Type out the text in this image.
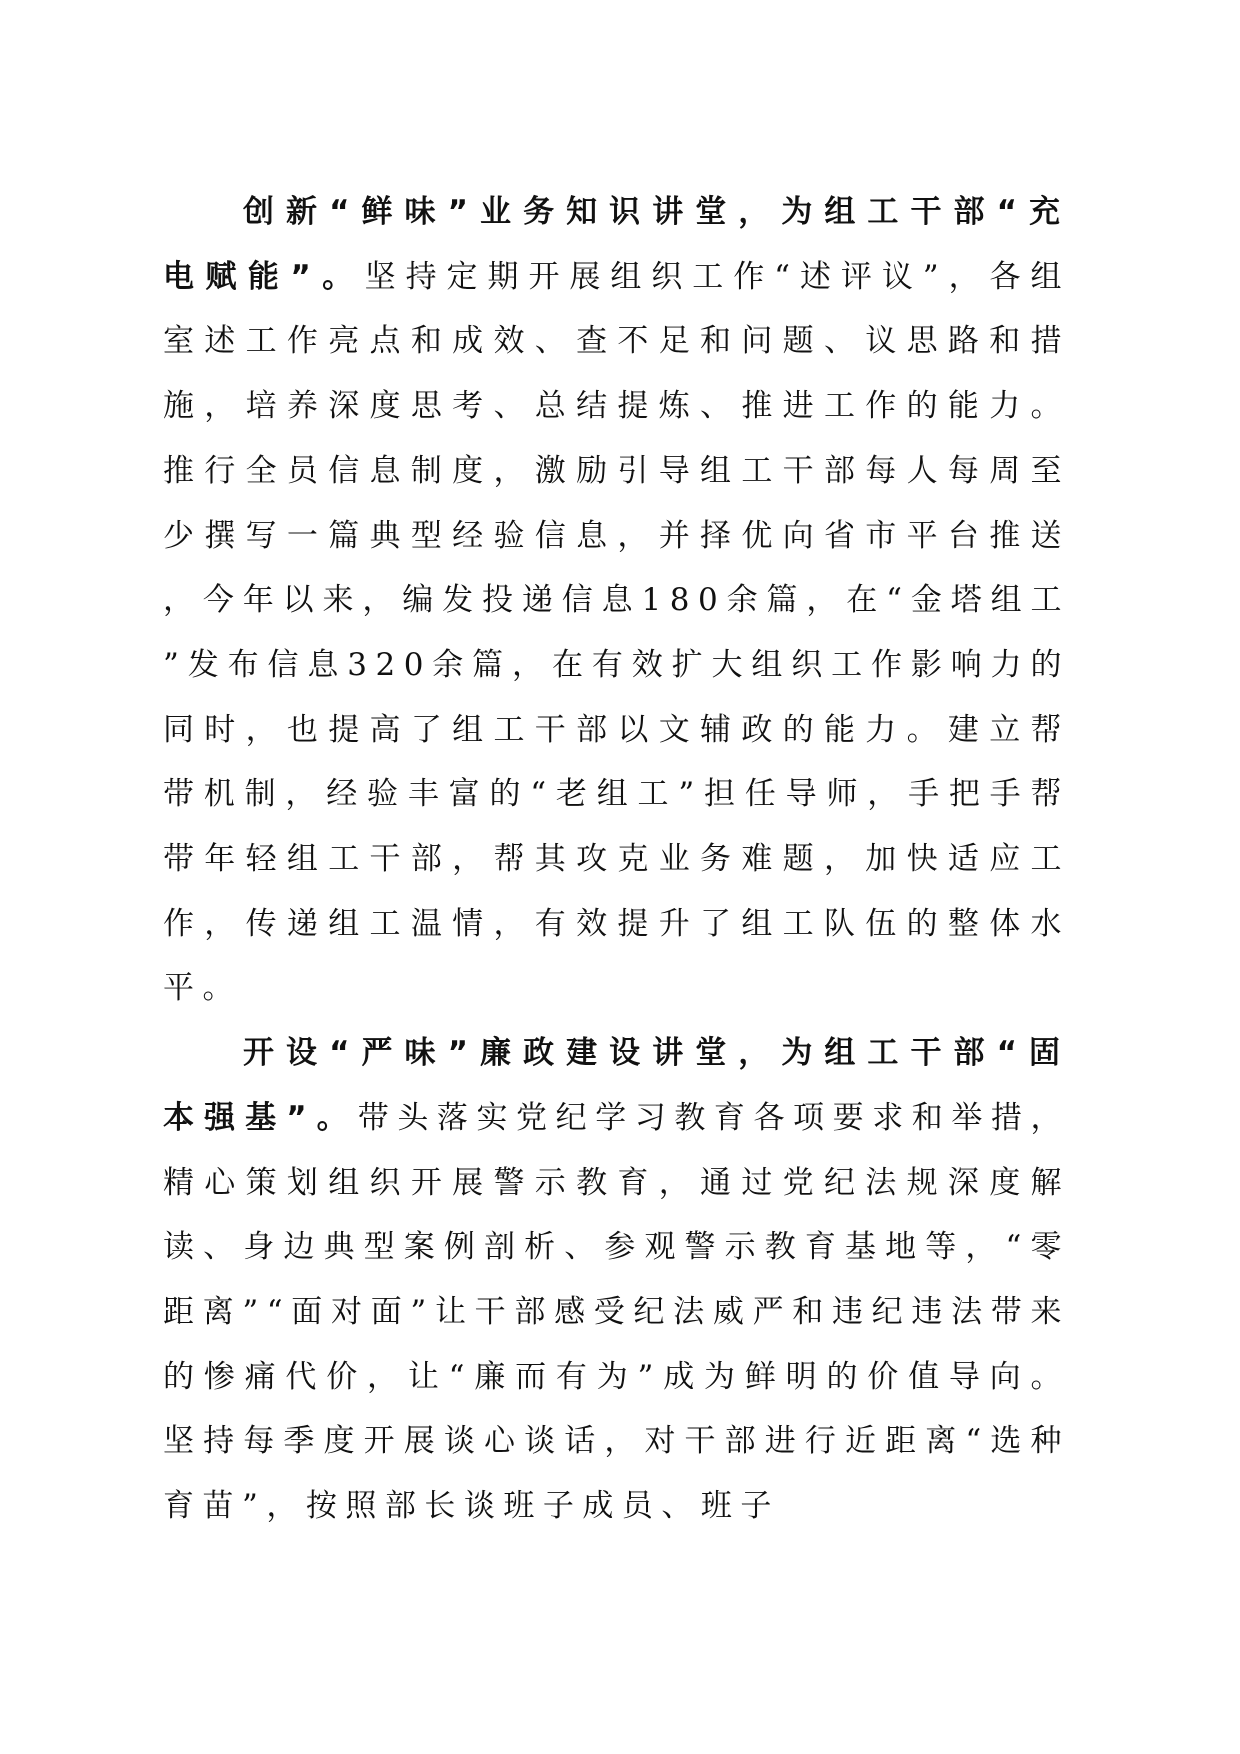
创新“鲜味”业务知识讲堂，为组工干部“充电赋能”。坚持定期开展组织工作“述评议”，各组室述工作亮点和成效、查不足和问题、议思路和措施，培养深度思考、总结提炼、推进工作的能力。推行全员信息制度，激励引导组工干部每人每周至少撰写一篇典型经验信息，并择优向省市平台推送，今年以来，编发投递信息180余篇，在“金塔组工”发布信息320余篇，在有效扩大组织工作影响力的同时，也提高了组工干部以文辅政的能力。建立帮带机制，经验丰富的“老组工”担任导师，手把手帮带年轻组工干部，帮其攻克业务难题，加快适应工作，传递组工温情，有效提升了组工队伍的整体水平。

开设“严味”廉政建设讲堂，为组工干部“固本强基”。带头落实党纪学习教育各项要求和举措，精心策划组织开展警示教育，通过党纪法规深度解读、身边典型案例剖析、参观警示教育基地等，“零距离”“面对面”让干部感受纪法威严和违纪违法带来的惨痛代价，让“廉而有为”成为鲜明的价值导向。坚持每季度开展谈心谈话，对干部进行近距离“选种育苗”，按照部长谈班子成员、班子
